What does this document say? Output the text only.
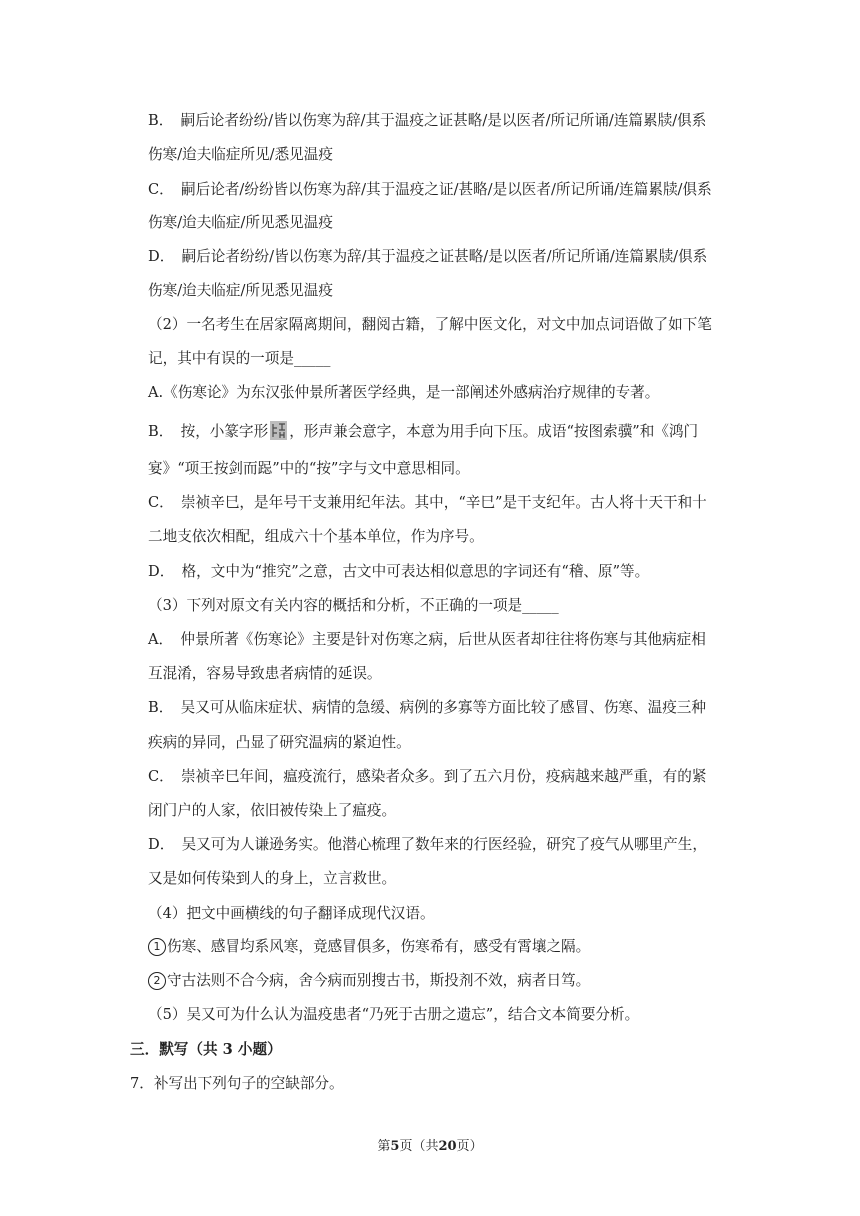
B．　嗣后论者纷纷/皆以伤寒为辞/其于温疫之证甚略/是以医者/所记所诵/连篇累牍/俱系
伤寒/迨夫临症所见/悉见温疫
C．　嗣后论者/纷纷皆以伤寒为辞/其于温疫之证/甚略/是以医者/所记所诵/连篇累牍/俱系
伤寒/迨夫临症/所见悉见温疫
D．　嗣后论者纷纷/皆以伤寒为辞/其于温疫之证甚略/是以医者/所记所诵/连篇累牍/俱系
伤寒/迨夫临症/所见悉见温疫
（2）一名考生在居家隔离期间，翻阅古籍，了解中医文化，对文中加点词语做了如下笔
记，其中有误的一项是_____
A.《伤寒论》为东汉张仲景所著医学经典，是一部阐述外感病治疗规律的专著。
B．　按，小篆字形 ，形声兼会意字，本意为用手向下压。成语“按图索骥”和《鸿门
宴》“项王按剑而跽”中的“按”字与文中意思相同。
C．　崇祯辛巳，是年号干支兼用纪年法。其中，“辛巳”是干支纪年。古人将十天干和十
二地支依次相配，组成六十个基本单位，作为序号。
D．　格，文中为“推究”之意，古文中可表达相似意思的字词还有“稽、原”等。
（3）下列对原文有关内容的概括和分析，不正确的一项是_____
A．　仲景所著《伤寒论》主要是针对伤寒之病，后世从医者却往往将伤寒与其他病症相
互混淆，容易导致患者病情的延误。
B．　吴又可从临床症状、病情的急缓、病例的多寡等方面比较了感冒、伤寒、温疫三种
疾病的异同，凸显了研究温病的紧迫性。
C．　崇祯辛巳年间，瘟疫流行，感染者众多。到了五六月份，疫病越来越严重，有的紧
闭门户的人家，依旧被传染上了瘟疫。
D．　吴又可为人谦逊务实。他潜心梳理了数年来的行医经验，研究了疫气从哪里产生，
又是如何传染到人的身上，立言救世。
（4）把文中画横线的句子翻译成现代汉语。
1 伤寒、感冒均系风寒，竟感冒俱多，伤寒希有，感受有霄壤之隔。
2 守古法则不合今病，舍今病而别搜古书，斯投剂不效，病者日笃。
（5）吴又可为什么认为温疫患者“乃死于古册之遗忘”，结合文本简要分析。
三．默写（共 3 小题）
7．补写出下列句子的空缺部分。
第5页（共20页）
